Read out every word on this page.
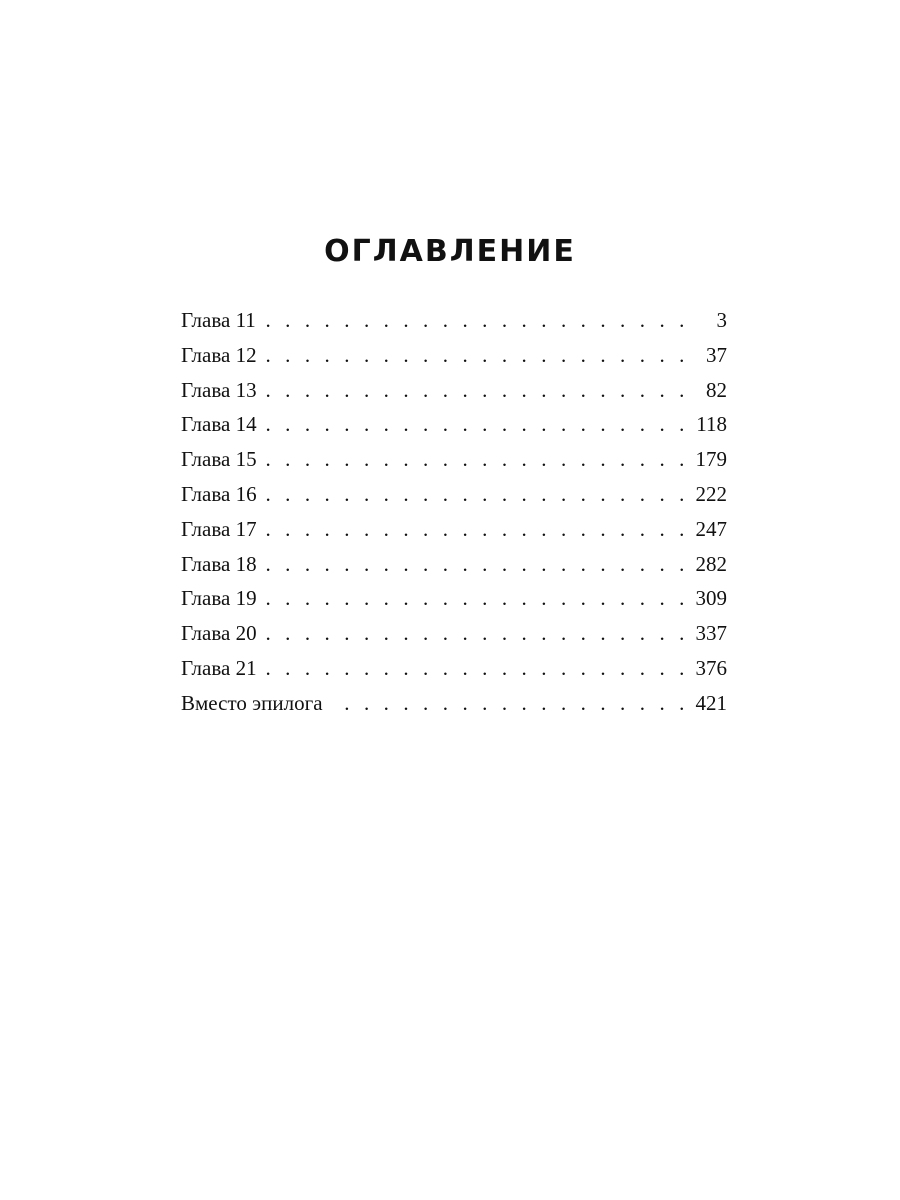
ОГЛАВЛЕНИЕ
Глава 11 . . .	3
Глава 12 . . .	37
Глава 13 . . .	82
Глава 14 . . .	118
Глава 15 . . .	179
Глава 16 . . .	222
Глава 17 . . .	247
Глава 18 . . .	282
Глава 19 . . .	309
Глава 20 . . .	337
Глава 21 . . .	376
Вместо эпилога . . .	421
